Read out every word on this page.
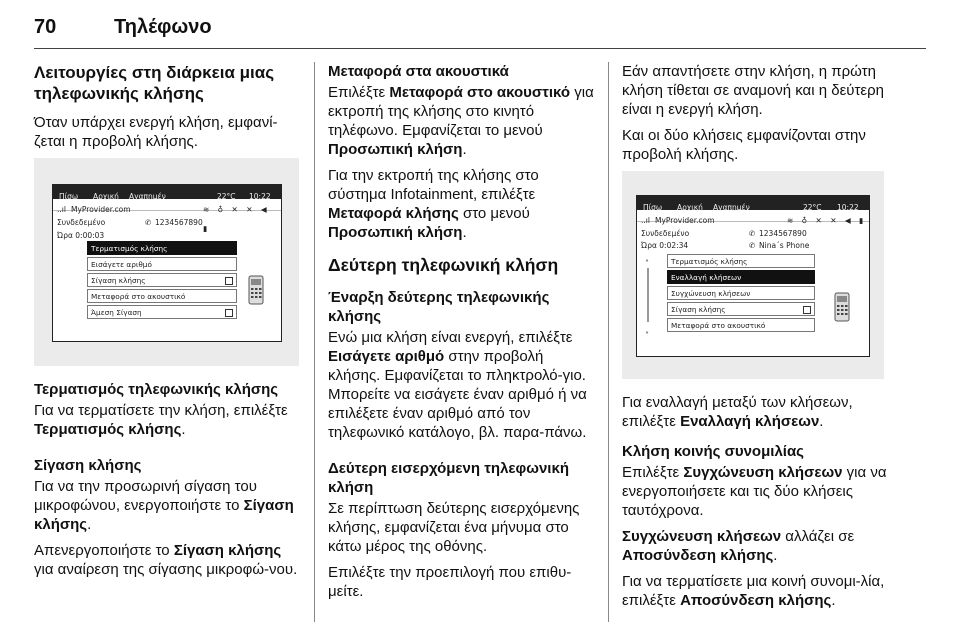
70	Τηλέφωνο
Λειτουργίες στη διάρκεια μιας τηλεφωνικής κλήσης

Όταν υπάρχει ενεργή κλήση, εμφανί-ζεται η προβολή κλήσης.

Πίσω Αρχική Αγαπημέν	22°C 10:22
..ıl MyProvider.com	≋ ♁ ✕ ✕ ◀ ▮
Συνδεδεμένο	✆ 1234567890
Ώρα 0:00:03
Τερματισμός κλήσης
Εισάγετε αριθμό
Σίγαση κλήσης
Μεταφορά στο ακουστικό
Άμεση Σίγαση
Τερματισμός τηλεφωνικής κλήσης

Για να τερματίσετε την κλήση, επιλέξτε Τερματισμός κλήσης.

Σίγαση κλήσης

Για να την προσωρινή σίγαση του μικροφώνου, ενεργοποιήστε το Σίγαση κλήσης.

Απενεργοποιήστε το Σίγαση κλήσης για αναίρεση της σίγασης μικροφώ-νου.

Μεταφορά στα ακουστικά

Επιλέξτε Μεταφορά στο ακουστικό για εκτροπή της κλήσης στο κινητό τηλέφωνο. Εμφανίζεται το μενού Προσωπική κλήση.

Για την εκτροπή της κλήσης στο σύστημα Infotainment, επιλέξτε Μεταφορά κλήσης στο μενού Προσωπική κλήση.

Δεύτερη τηλεφωνική κλήση
Έναρξη δεύτερης τηλεφωνικής κλήσης

Ενώ μια κλήση είναι ενεργή, επιλέξτε Εισάγετε αριθμό στην προβολή κλήσης. Εμφανίζεται το πληκτρολό-γιο. Μπορείτε να εισάγετε έναν αριθμό ή να επιλέξετε έναν αριθμό από τον τηλεφωνικό κατάλογο, βλ. παρα-πάνω.

Δεύτερη εισερχόμενη τηλεφωνική κλήση

Σε περίπτωση δεύτερης εισερχόμενης κλήσης, εμφανίζεται ένα μήνυμα στο κάτω μέρος της οθόνης.

Επιλέξτε την προεπιλογή που επιθυ-μείτε.

Εάν απαντήσετε στην κλήση, η πρώτη κλήση τίθεται σε αναμονή και η δεύτερη είναι η ενεργή κλήση.

Και οι δύο κλήσεις εμφανίζονται στην προβολή κλήσης.

Πίσω Αρχική Αγαπημέν	22°C 10:22
..ıl MyProvider.com	≋ ♁ ✕ ✕ ◀ ▮
Συνδεδεμένο	✆ 1234567890
Ώρα 0:02:34	✆ Nina´s Phone
˄
˅
Τερματισμός κλήσης
Εναλλαγή κλήσεων
Συγχώνευση κλήσεων
Σίγαση κλήσης
Μεταφορά στο ακουστικό

Για εναλλαγή μεταξύ των κλήσεων, επιλέξτε Εναλλαγή κλήσεων.

Κλήση κοινής συνομιλίας

Επιλέξτε Συγχώνευση κλήσεων για να ενεργοποιήσετε και τις δύο κλήσεις ταυτόχρονα.

Συγχώνευση κλήσεων αλλάζει σε Αποσύνδεση κλήσης.

Για να τερματίσετε μια κοινή συνομι-λία, επιλέξτε Αποσύνδεση κλήσης.
